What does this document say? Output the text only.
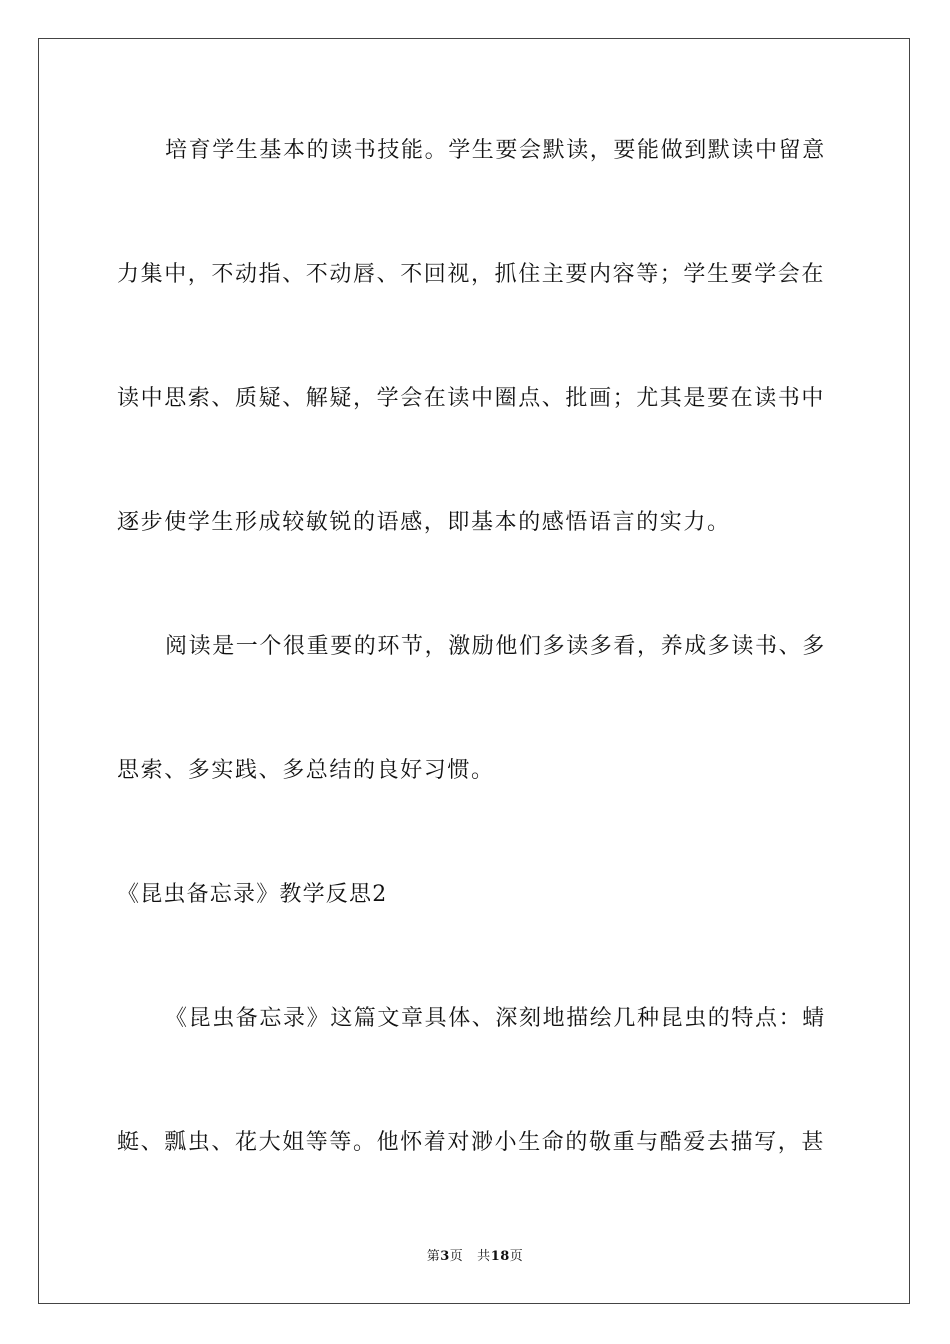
培育学生基本的读书技能。学生要会默读，要能做到默读中留意
力集中，不动指、不动唇、不回视，抓住主要内容等；学生要学会在
读中思索、质疑、解疑，学会在读中圈点、批画；尤其是要在读书中
逐步使学生形成较敏锐的语感，即基本的感悟语言的实力。
阅读是一个很重要的环节，激励他们多读多看，养成多读书、多
思索、多实践、多总结的良好习惯。
《昆虫备忘录》教学反思2
《昆虫备忘录》这篇文章具体、深刻地描绘几种昆虫的特点：蜻
蜓、瓢虫、花大姐等等。他怀着对渺小生命的敬重与酷爱去描写，甚
第3页 共18页
